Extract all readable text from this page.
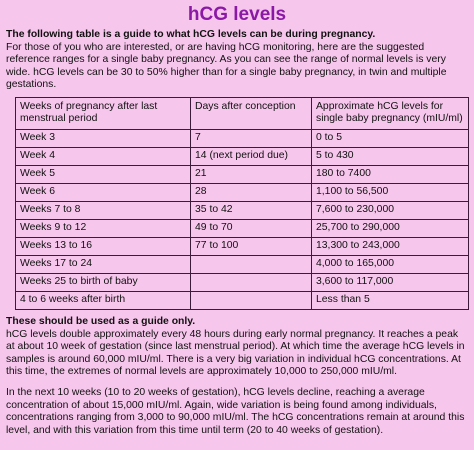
hCG levels

The following table is a guide to what hCG levels can be during pregnancy.

For those of you who are interested, or are having hCG monitoring, here are the suggested reference ranges for a single baby pregnancy. As you can see the range of normal levels is very wide. hCG levels can be 30 to 50% higher than for a single baby pregnancy, in twin and multiple gestations.

Weeks of pregnancy after last menstrual period	Days after conception	Approximate hCG levels for single baby pregnancy (mIU/ml)
Week 3	7	0 to 5
Week 4	14 (next period due)	5 to 430
Week 5	21	180 to 7400
Week 6	28	1,100 to 56,500
Weeks 7 to 8	35 to 42	7,600 to 230,000
Weeks 9 to 12	49 to 70	25,700 to 290,000
Weeks 13 to 16	77 to 100	13,300 to 243,000
Weeks 17 to 24		4,000 to 165,000
Weeks 25 to birth of baby		3,600 to 117,000
4 to 6 weeks after birth		Less than 5

These should be used as a guide only.

hCG levels double approximately every 48 hours during early normal pregnancy. It reaches a peak at about 10 week of gestation (since last menstrual period). At which time the average hCG levels in samples is around 60,000 mIU/ml. There is a very big variation in individual hCG concentrations. At this time, the extremes of normal levels are approximately 10,000 to 250,000 mIU/ml.

In the next 10 weeks (10 to 20 weeks of gestation), hCG levels decline, reaching a average concentration of about 15,000 mIU/ml. Again, wide variation is being found among individuals, concentrations ranging from 3,000 to 90,000 mIU/ml. The hCG concentrations remain at around this level, and with this variation from this time until term (20 to 40 weeks of gestation).
